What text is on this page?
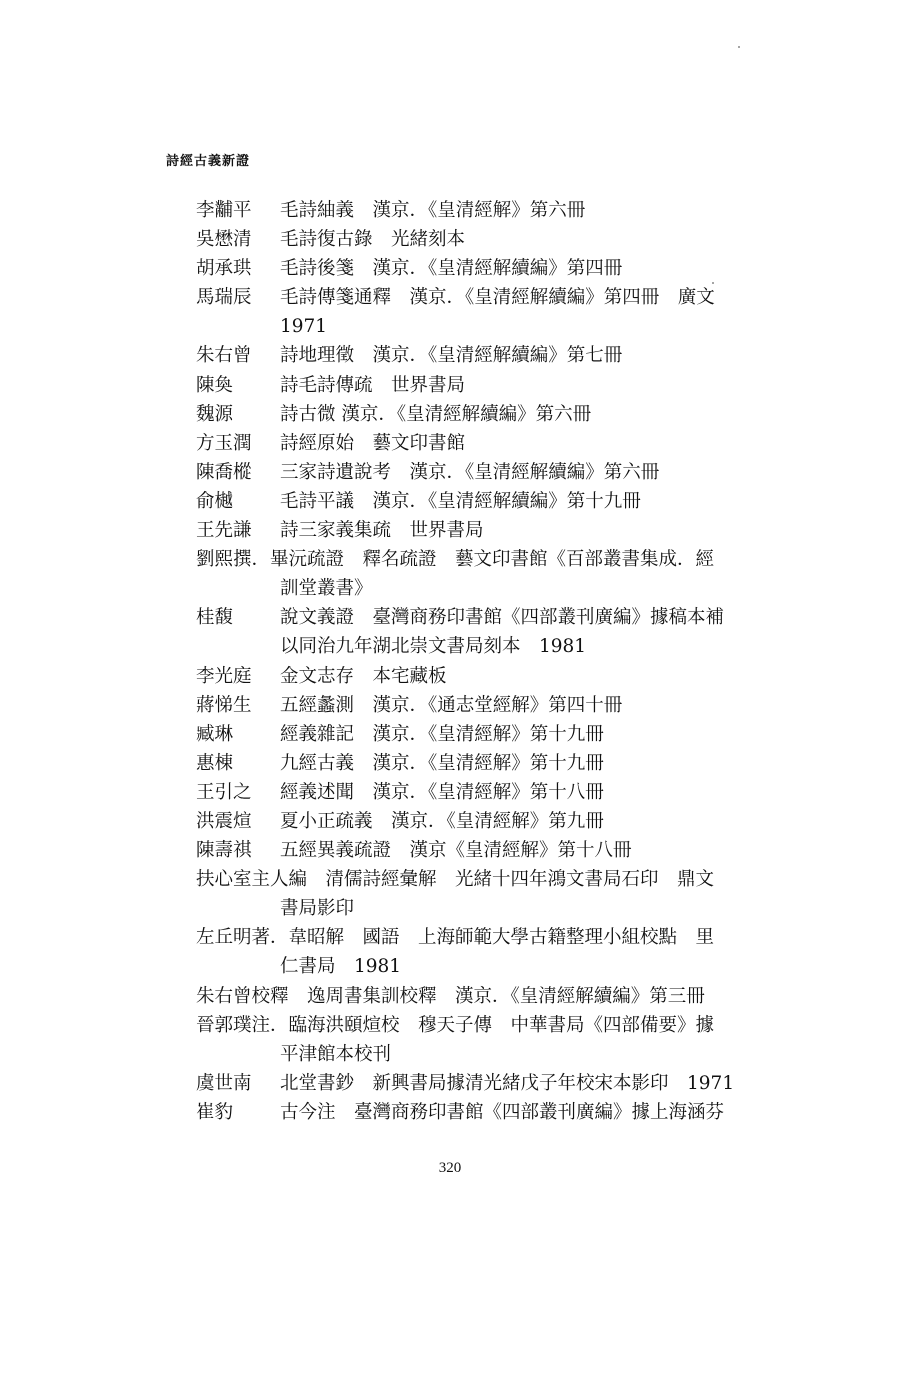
詩經古義新證
李黼平 毛詩紬義　漢京．《皇清經解》第六冊
吳懋清 毛詩復古錄　光緒刻本
胡承珙 毛詩後箋　漢京．《皇清經解續編》第四冊
馬瑞辰 毛詩傳箋通釋　漢京．《皇清經解續編》第四冊　廣文
1971
朱右曾 詩地理徵　漢京．《皇清經解續編》第七冊
陳奐	詩毛詩傳疏　世界書局
魏源	詩古微 漢京．《皇清經解續編》第六冊
方玉潤 詩經原始　藝文印書館
陳喬樅 三家詩遺說考　漢京．《皇清經解續編》第六冊
俞樾	毛詩平議　漢京．《皇清經解續編》第十九冊
王先謙 詩三家義集疏　世界書局
劉熙撰．畢沅疏證　釋名疏證　藝文印書館《百部叢書集成．經
訓堂叢書》
桂馥	說文義證　臺灣商務印書館《四部叢刊廣編》據稿本補
以同治九年湖北崇文書局刻本　1981
李光庭 金文志存　本宅藏板
蔣悌生 五經蠡測　漢京．《通志堂經解》第四十冊
臧琳	經義雜記　漢京．《皇清經解》第十九冊
惠棟	九經古義　漢京．《皇清經解》第十九冊
王引之 經義述聞　漢京．《皇清經解》第十八冊
洪震煊 夏小正疏義　漢京．《皇清經解》第九冊
陳壽祺 五經異義疏證　漢京《皇清經解》第十八冊
扶心室主人編　清儒詩經彙解　光緒十四年鴻文書局石印　鼎文
書局影印
左丘明著．韋昭解　國語　上海師範大學古籍整理小組校點　里
仁書局　1981
朱右曾校釋　逸周書集訓校釋　漢京．《皇清經解續編》第三冊
晉郭璞注．臨海洪頤煊校　穆天子傳　中華書局《四部備要》據
平津館本校刊
虞世南 北堂書鈔　新興書局據清光緒戊子年校宋本影印　1971
崔豹	古今注　臺灣商務印書館《四部叢刊廣編》據上海涵芬
320
